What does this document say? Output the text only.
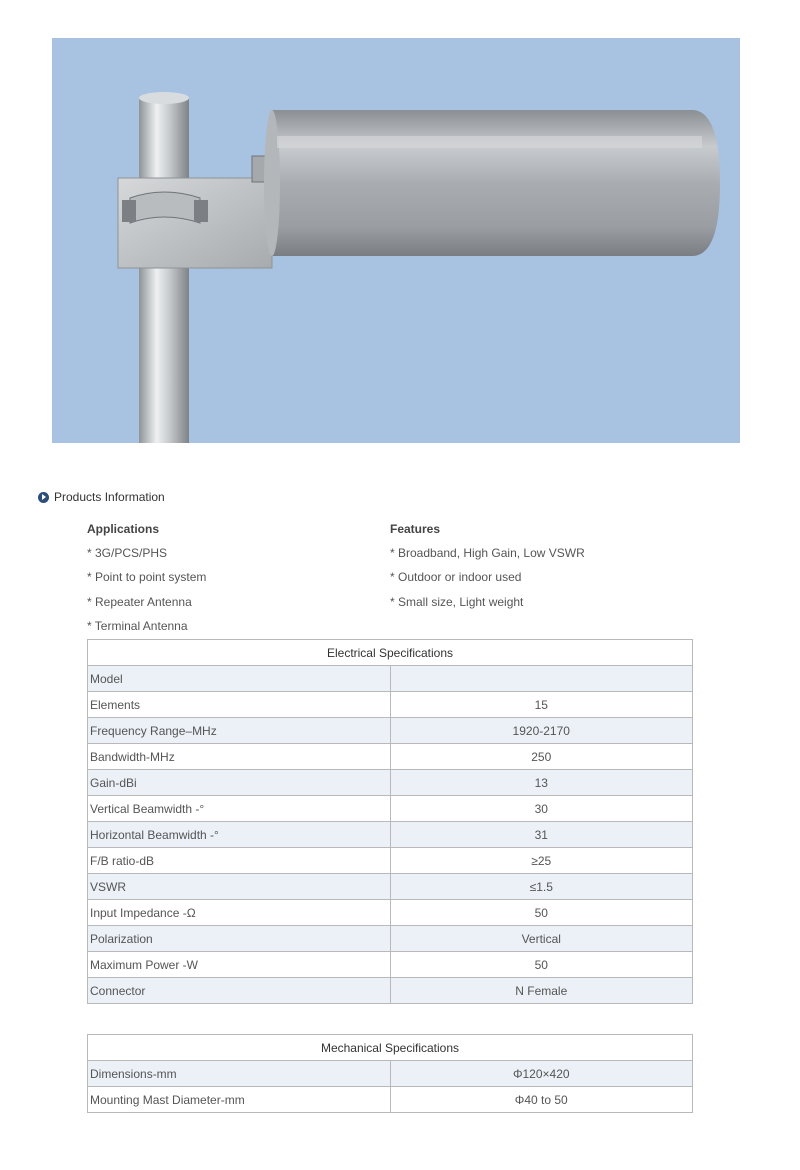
Products Information
Applications
* 3G/PCS/PHS
* Point to point system
* Repeater Antenna
* Terminal Antenna
Features
* Broadband, High Gain, Low VSWR
* Outdoor or indoor used
* Small size, Light weight
Electrical Specifications	
Model	
Elements	15
Frequency Range–MHz	1920-2170
Bandwidth-MHz	250
Gain-dBi	13
Vertical Beamwidth -°	30
Horizontal Beamwidth -°	31
F/B ratio-dB	≥25
VSWR	≤1.5
Input Impedance -Ω	50
Polarization	Vertical
Maximum Power -W	50
Connector	N Female
Mechanical Specifications	
Dimensions-mm	Φ120×420
Mounting Mast Diameter-mm	Φ40 to 50
